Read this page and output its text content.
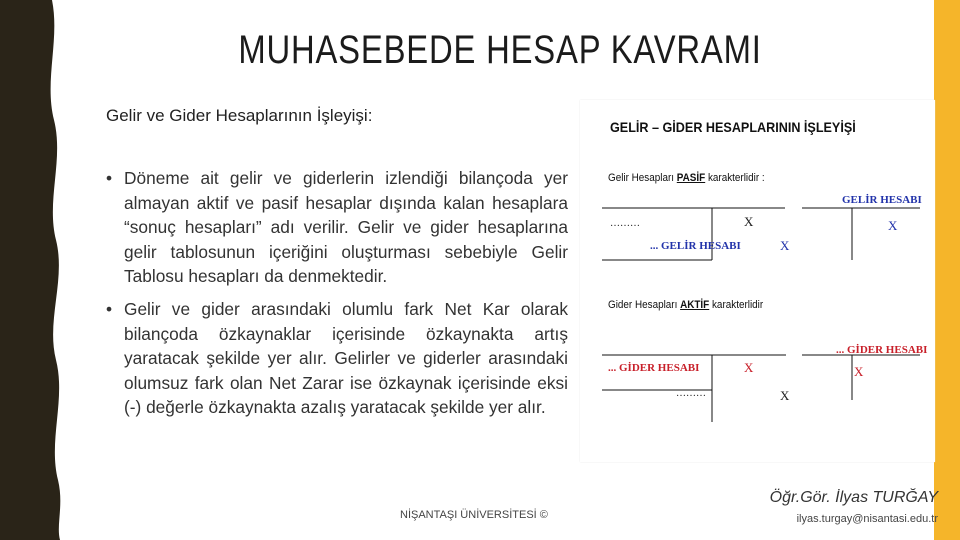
MUHASEBEDE HESAP KAVRAMI
Gelir ve Gider Hesaplarının İşleyişi:
• Döneme ait gelir ve giderlerin izlendiği bilançoda yer almayan aktif ve pasif hesaplar dışında kalan hesaplara “sonuç hesapları” adı verilir. Gelir ve gider hesaplarına gelir tablosunun içeriğini oluşturması sebebiyle Gelir Tablosu hesapları da denmektedir.
• Gelir ve gider arasındaki olumlu fark Net Kar olarak bilançoda özkaynaklar içerisinde özkaynakta artış yaratacak şekilde yer alır. Gelirler ve giderler arasındaki olumsuz fark olan Net Zarar ise özkaynak içerisinde eksi (-) değerle özkaynakta azalış yaratacak şekilde yer alır.
GELİR – GİDER HESAPLARININ İŞLEYİŞİ
Gelir Hesapları PASİF karakterlidir :
………	X
... GELİR HESABI	X
GELİR HESABI
X
Gider Hesapları AKTİF karakterlidir
... GİDER HESABI	X
………	X
... GİDER HESABI
X
NİŞANTAŞI ÜNİVERSİTESİ ©
Öğr.Gör. İlyas TURĞAY
ilyas.turgay@nisantasi.edu.tr
